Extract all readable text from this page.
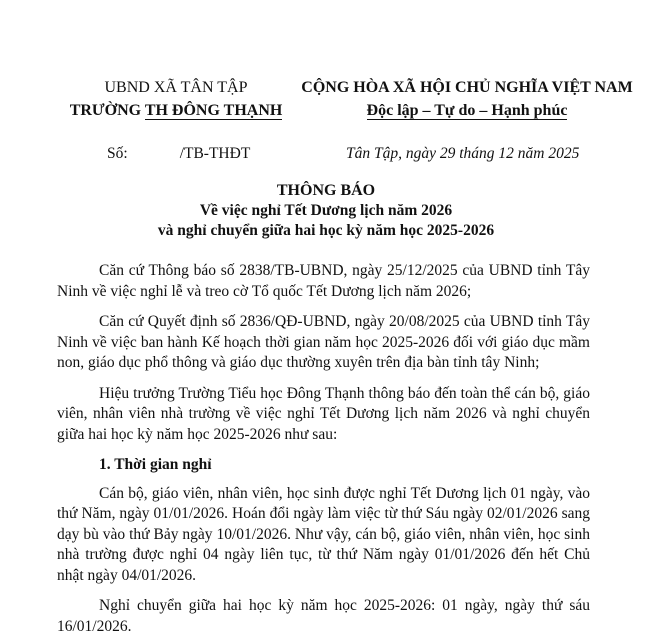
UBND XÃ TÂN TẬP
TRƯỜNG TH ĐÔNG THẠNH
CỘNG HÒA XÃ HỘI CHỦ NGHĨA VIỆT NAM
Độc lập – Tự do – Hạnh phúc
Số:	/TB-THĐT	Tân Tập, ngày 29 tháng 12 năm 2025
THÔNG BÁO
Về việc nghỉ Tết Dương lịch năm 2026
và nghỉ chuyển giữa hai học kỳ năm học 2025-2026

Căn cứ Thông báo số 2838/TB-UBND, ngày 25/12/2025 của UBND tỉnh Tây Ninh về việc nghỉ lễ và treo cờ Tổ quốc Tết Dương lịch năm 2026;

Căn cứ Quyết định số 2836/QĐ-UBND, ngày 20/08/2025 của UBND tỉnh Tây Ninh về việc ban hành Kế hoạch thời gian năm học 2025-2026 đối với giáo dục mầm non, giáo dục phổ thông và giáo dục thường xuyên trên địa bàn tỉnh tây Ninh;

Hiệu trưởng Trường Tiểu học Đông Thạnh thông báo đến toàn thể cán bộ, giáo viên, nhân viên nhà trường về việc nghỉ Tết Dương lịch năm 2026 và nghỉ chuyển giữa hai học kỳ năm học 2025-2026 như sau:

1. Thời gian nghỉ

Cán bộ, giáo viên, nhân viên, học sinh được nghỉ Tết Dương lịch 01 ngày, vào thứ Năm, ngày 01/01/2026. Hoán đổi ngày làm việc từ thứ Sáu ngày 02/01/2026 sang dạy bù vào thứ Bảy ngày 10/01/2026. Như vậy, cán bộ, giáo viên, nhân viên, học sinh nhà trường được nghỉ 04 ngày liên tục, từ thứ Năm ngày 01/01/2026 đến hết Chủ nhật ngày 04/01/2026.

Nghỉ chuyển giữa hai học kỳ năm học 2025-2026: 01 ngày, ngày thứ sáu 16/01/2026.
